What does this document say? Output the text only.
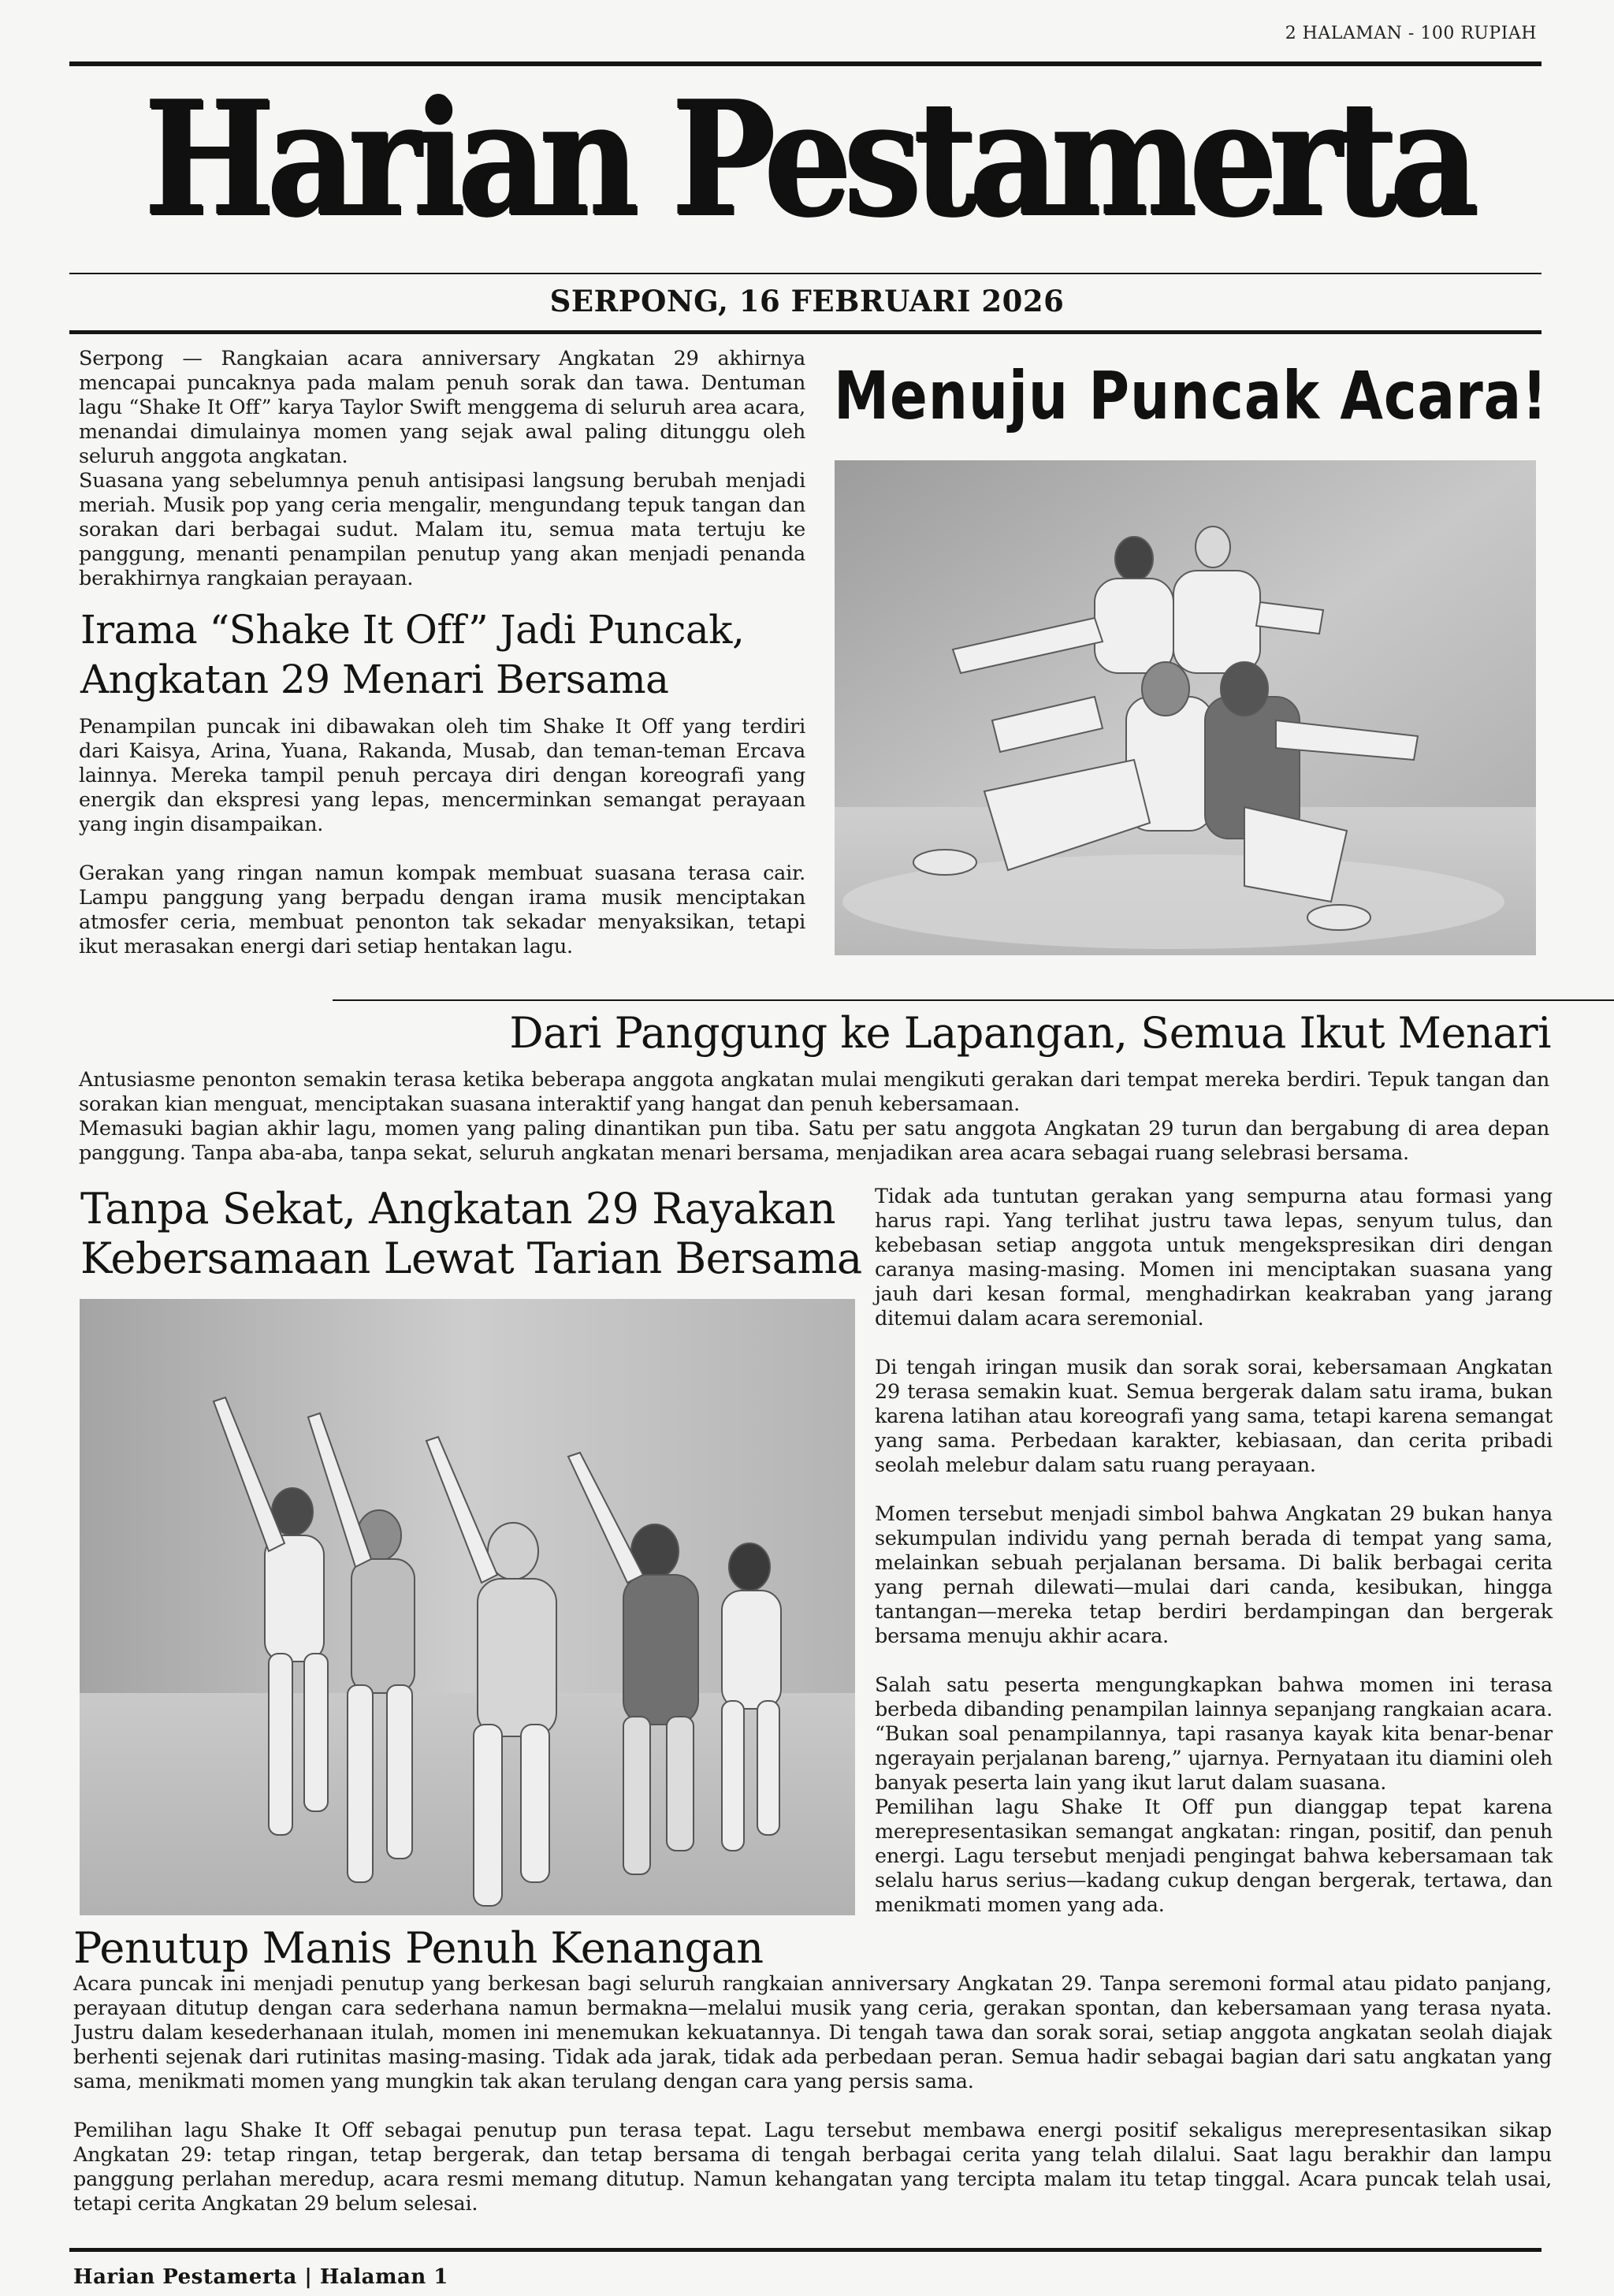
2 HALAMAN - 100 RUPIAH
Harian Pestamerta
SERPONG, 16 FEBRUARI 2026

Serpong — Rangkaian acara anniversary Angkatan 29 akhirnya mencapai puncaknya pada malam penuh sorak dan tawa. Dentuman lagu “Shake It Off” karya Taylor Swift menggema di seluruh area acara, menandai dimulainya momen yang sejak awal paling ditunggu oleh seluruh anggota angkatan.

Suasana yang sebelumnya penuh antisipasi langsung berubah menjadi meriah. Musik pop yang ceria mengalir, mengundang tepuk tangan dan sorakan dari berbagai sudut. Malam itu, semua mata tertuju ke panggung, menanti penampilan penutup yang akan menjadi penanda berakhirnya rangkaian perayaan.

Menuju Puncak Acara!
Irama “Shake It Off” Jadi Puncak,
Angkatan 29 Menari Bersama

Penampilan puncak ini dibawakan oleh tim Shake It Off yang terdiri dari Kaisya, Arina, Yuana, Rakanda, Musab, dan teman-teman Ercava lainnya. Mereka tampil penuh percaya diri dengan koreografi yang energik dan ekspresi yang lepas, mencerminkan semangat perayaan yang ingin disampaikan.

Gerakan yang ringan namun kompak membuat suasana terasa cair. Lampu panggung yang berpadu dengan irama musik menciptakan atmosfer ceria, membuat penonton tak sekadar menyaksikan, tetapi ikut merasakan energi dari setiap hentakan lagu.

Dari Panggung ke Lapangan, Semua Ikut Menari

Antusiasme penonton semakin terasa ketika beberapa anggota angkatan mulai mengikuti gerakan dari tempat mereka berdiri. Tepuk tangan dan sorakan kian menguat, menciptakan suasana interaktif yang hangat dan penuh kebersamaan.

Memasuki bagian akhir lagu, momen yang paling dinantikan pun tiba. Satu per satu anggota Angkatan 29 turun dan bergabung di area depan panggung. Tanpa aba-aba, tanpa sekat, seluruh angkatan menari bersama, menjadikan area acara sebagai ruang selebrasi bersama.

Tanpa Sekat, Angkatan 29 Rayakan
Kebersamaan Lewat Tarian Bersama

Tidak ada tuntutan gerakan yang sempurna atau formasi yang harus rapi. Yang terlihat justru tawa lepas, senyum tulus, dan kebebasan setiap anggota untuk mengekspresikan diri dengan caranya masing-masing. Momen ini menciptakan suasana yang jauh dari kesan formal, menghadirkan keakraban yang jarang ditemui dalam acara seremonial.

Di tengah iringan musik dan sorak sorai, kebersamaan Angkatan 29 terasa semakin kuat. Semua bergerak dalam satu irama, bukan karena latihan atau koreografi yang sama, tetapi karena semangat yang sama. Perbedaan karakter, kebiasaan, dan cerita pribadi seolah melebur dalam satu ruang perayaan.

Momen tersebut menjadi simbol bahwa Angkatan 29 bukan hanya sekumpulan individu yang pernah berada di tempat yang sama, melainkan sebuah perjalanan bersama. Di balik berbagai cerita yang pernah dilewati—mulai dari canda, kesibukan, hingga tantangan—mereka tetap berdiri berdampingan dan bergerak bersama menuju akhir acara.

Salah satu peserta mengungkapkan bahwa momen ini terasa berbeda dibanding penampilan lainnya sepanjang rangkaian acara. “Bukan soal penampilannya, tapi rasanya kayak kita benar-benar ngerayain perjalanan bareng,” ujarnya. Pernyataan itu diamini oleh banyak peserta lain yang ikut larut dalam suasana.

Pemilihan lagu Shake It Off pun dianggap tepat karena merepresentasikan semangat angkatan: ringan, positif, dan penuh energi. Lagu tersebut menjadi pengingat bahwa kebersamaan tak selalu harus serius—kadang cukup dengan bergerak, tertawa, dan menikmati momen yang ada.

Penutup Manis Penuh Kenangan

Acara puncak ini menjadi penutup yang berkesan bagi seluruh rangkaian anniversary Angkatan 29. Tanpa seremoni formal atau pidato panjang, perayaan ditutup dengan cara sederhana namun bermakna—melalui musik yang ceria, gerakan spontan, dan kebersamaan yang terasa nyata. Justru dalam kesederhanaan itulah, momen ini menemukan kekuatannya. Di tengah tawa dan sorak sorai, setiap anggota angkatan seolah diajak berhenti sejenak dari rutinitas masing-masing. Tidak ada jarak, tidak ada perbedaan peran. Semua hadir sebagai bagian dari satu angkatan yang sama, menikmati momen yang mungkin tak akan terulang dengan cara yang persis sama.

Pemilihan lagu Shake It Off sebagai penutup pun terasa tepat. Lagu tersebut membawa energi positif sekaligus merepresentasikan sikap Angkatan 29: tetap ringan, tetap bergerak, dan tetap bersama di tengah berbagai cerita yang telah dilalui. Saat lagu berakhir dan lampu panggung perlahan meredup, acara resmi memang ditutup. Namun kehangatan yang tercipta malam itu tetap tinggal. Acara puncak telah usai, tetapi cerita Angkatan 29 belum selesai.

Harian Pestamerta | Halaman 1
